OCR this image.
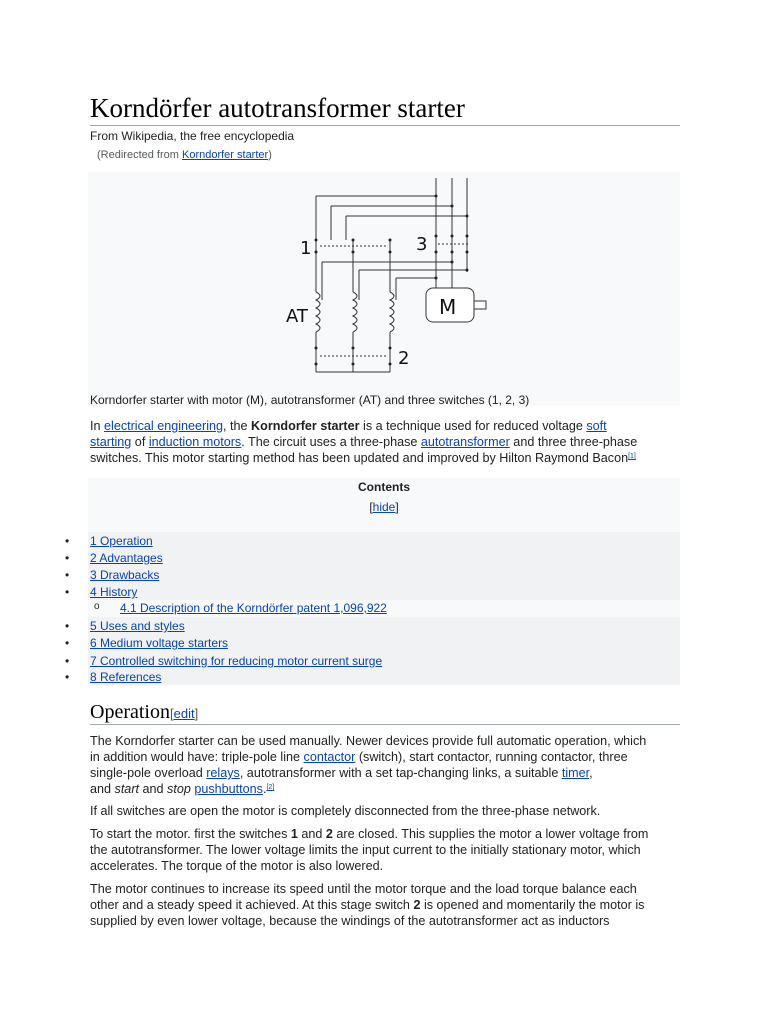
Korndörfer autotransformer starter
From Wikipedia, the free encyclopedia
(Redirected from Korndorfer starter)
1	3
AT
2
M
Korndorfer starter with motor (M), autotransformer (AT) and three switches (1, 2, 3)
In electrical engineering, the Korndorfer starter is a technique used for reduced voltage soft
starting of induction motors. The circuit uses a three-phase autotransformer and three three-phase
switches. This motor starting method has been updated and improved by Hilton Raymond Bacon[1]
Contents
[hide]
• 1 Operation
• 2 Advantages
• 3 Drawbacks
• 4 History
o 4.1 Description of the Korndörfer patent 1,096,922
• 5 Uses and styles
• 6 Medium voltage starters
• 7 Controlled switching for reducing motor current surge
• 8 References
Operation[edit]
The Korndorfer starter can be used manually. Newer devices provide full automatic operation, which
in addition would have: triple-pole line contactor (switch), start contactor, running contactor, three
single-pole overload relays, autotransformer with a set tap-changing links, a suitable timer,
and start and stop pushbuttons.[2]
If all switches are open the motor is completely disconnected from the three-phase network.
To start the motor. first the switches 1 and 2 are closed. This supplies the motor a lower voltage from
the autotransformer. The lower voltage limits the input current to the initially stationary motor, which
accelerates. The torque of the motor is also lowered.
The motor continues to increase its speed until the motor torque and the load torque balance each
other and a steady speed it achieved. At this stage switch 2 is opened and momentarily the motor is
supplied by even lower voltage, because the windings of the autotransformer act as inductors
